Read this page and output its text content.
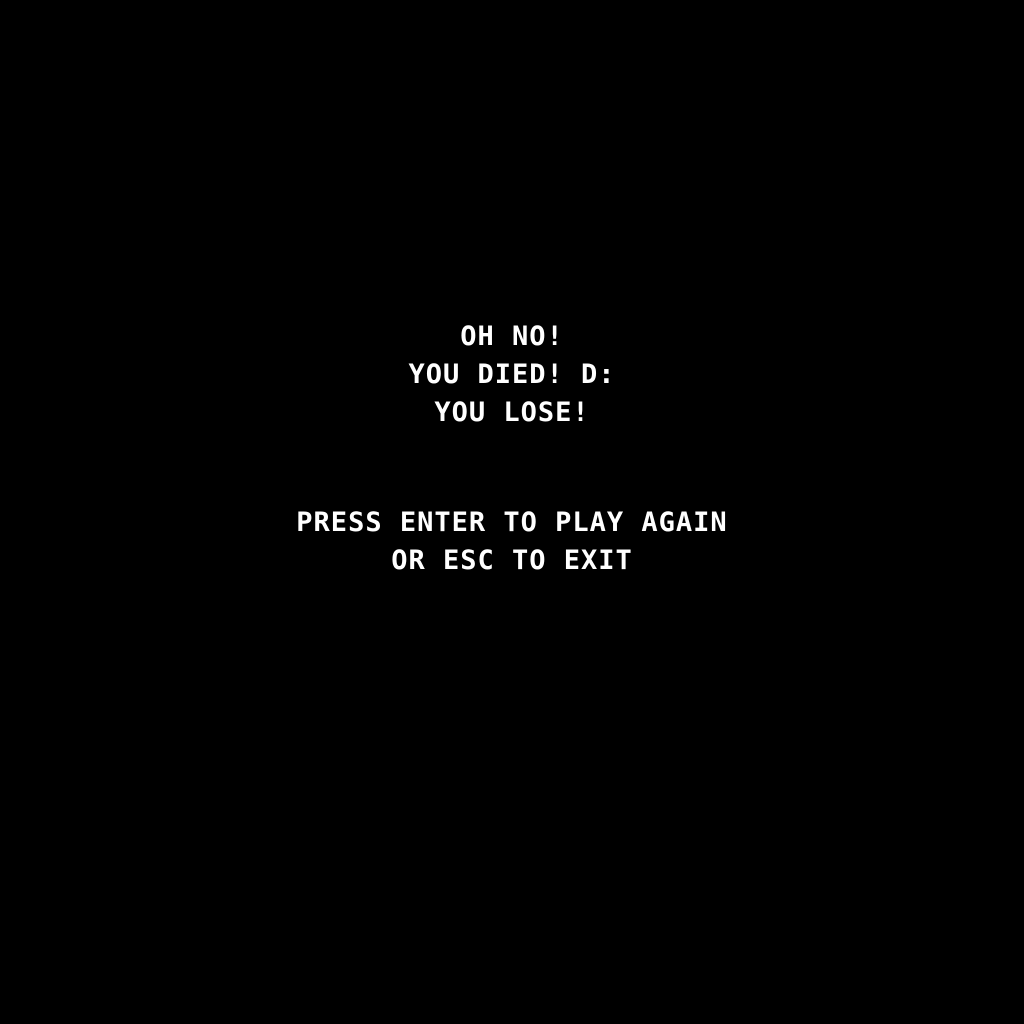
OH NO!
YOU DIED! D:
YOU LOSE!
PRESS ENTER TO PLAY AGAIN
OR ESC TO EXIT
